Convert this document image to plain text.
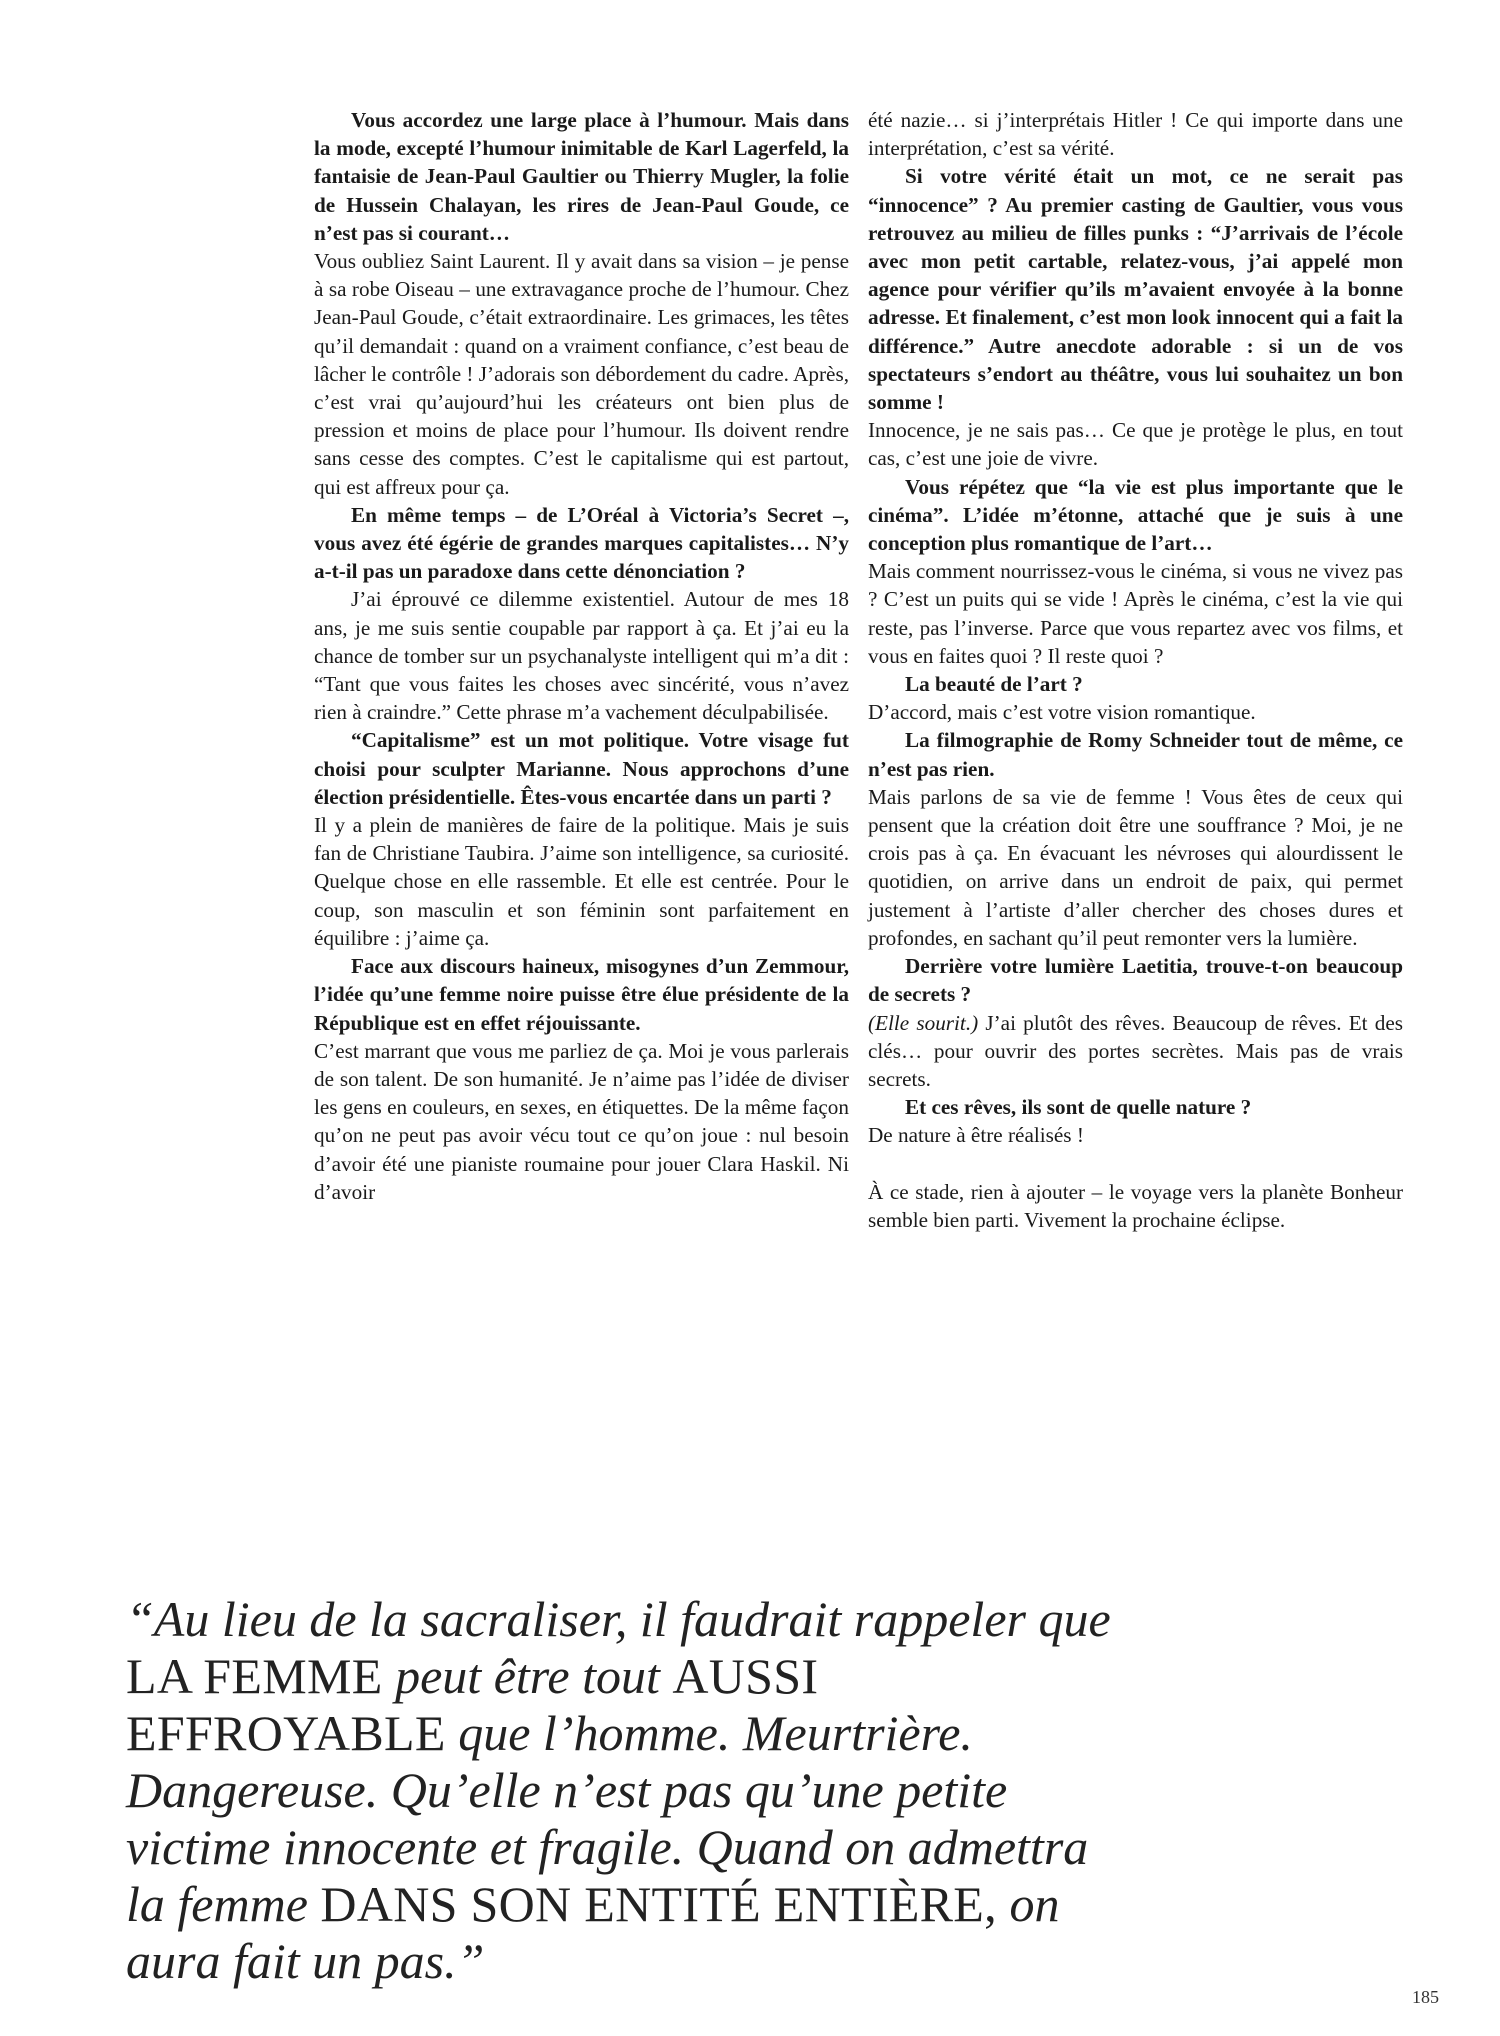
Vous accordez une large place à l’humour. Mais dans la mode, excepté l’humour inimitable de Karl Lagerfeld, la fantaisie de Jean-Paul Gaultier ou Thierry Mugler, la folie de Hussein Chalayan, les rires de Jean-Paul Goude, ce n’est pas si courant…

Vous oubliez Saint Laurent. Il y avait dans sa vision – je pense à sa robe Oiseau – une extravagance proche de l’humour. Chez Jean-Paul Goude, c’était extraordinaire. Les grimaces, les têtes qu’il demandait : quand on a vraiment confiance, c’est beau de lâcher le contrôle ! J’adorais son débordement du cadre. Après, c’est vrai qu’aujourd’hui les créateurs ont bien plus de pression et moins de place pour l’humour. Ils doivent rendre sans cesse des comptes. C’est le capitalisme qui est partout, qui est affreux pour ça.

En même temps – de L’Oréal à Victoria’s Secret –, vous avez été égérie de grandes marques capitalistes… N’y a-t-il pas un paradoxe dans cette dénonciation ?

J’ai éprouvé ce dilemme existentiel. Autour de mes 18 ans, je me suis sentie coupable par rapport à ça. Et j’ai eu la chance de tomber sur un psychanalyste intelligent qui m’a dit : “Tant que vous faites les choses avec sincérité, vous n’avez rien à craindre.” Cette phrase m’a vachement déculpabilisée.

“Capitalisme” est un mot politique. Votre visage fut choisi pour sculpter Marianne. Nous approchons d’une élection présidentielle. Êtes-vous encartée dans un parti ?

Il y a plein de manières de faire de la politique. Mais je suis fan de Christiane Taubira. J’aime son intelligence, sa curiosité. Quelque chose en elle rassemble. Et elle est centrée. Pour le coup, son masculin et son féminin sont parfaitement en équilibre : j’aime ça.

Face aux discours haineux, misogynes d’un Zemmour, l’idée qu’une femme noire puisse être élue présidente de la République est en effet réjouissante.

C’est marrant que vous me parliez de ça. Moi je vous parlerais de son talent. De son humanité. Je n’aime pas l’idée de diviser les gens en couleurs, en sexes, en étiquettes. De la même façon qu’on ne peut pas avoir vécu tout ce qu’on joue : nul besoin d’avoir été une pianiste roumaine pour jouer Clara Haskil. Ni d’avoir

été nazie… si j’interprétais Hitler ! Ce qui importe dans une interprétation, c’est sa vérité.

Si votre vérité était un mot, ce ne serait pas “innocence” ? Au premier casting de Gaultier, vous vous retrouvez au milieu de filles punks : “J’arrivais de l’école avec mon petit cartable, relatez-vous, j’ai appelé mon agence pour vérifier qu’ils m’avaient envoyée à la bonne adresse. Et finalement, c’est mon look innocent qui a fait la différence.” Autre anecdote adorable : si un de vos spectateurs s’endort au théâtre, vous lui souhaitez un bon somme !

Innocence, je ne sais pas… Ce que je protège le plus, en tout cas, c’est une joie de vivre.

Vous répétez que “la vie est plus importante que le cinéma”. L’idée m’étonne, attaché que je suis à une conception plus romantique de l’art…

Mais comment nourrissez-vous le cinéma, si vous ne vivez pas ? C’est un puits qui se vide ! Après le cinéma, c’est la vie qui reste, pas l’inverse. Parce que vous repartez avec vos films, et vous en faites quoi ? Il reste quoi ?

La beauté de l’art ?

D’accord, mais c’est votre vision romantique.

La filmographie de Romy Schneider tout de même, ce n’est pas rien.

Mais parlons de sa vie de femme ! Vous êtes de ceux qui pensent que la création doit être une souffrance ? Moi, je ne crois pas à ça. En évacuant les névroses qui alourdissent le quotidien, on arrive dans un endroit de paix, qui permet justement à l’artiste d’aller chercher des choses dures et profondes, en sachant qu’il peut remonter vers la lumière.

Derrière votre lumière Laetitia, trouve-t-on beaucoup de secrets ?

(Elle sourit.) J’ai plutôt des rêves. Beaucoup de rêves. Et des clés… pour ouvrir des portes secrètes. Mais pas de vrais secrets.

Et ces rêves, ils sont de quelle nature ?

De nature à être réalisés !

À ce stade, rien à ajouter – le voyage vers la planète Bonheur semble bien parti. Vivement la prochaine éclipse.

“Au lieu de la sacraliser, il faudrait rappeler que LA FEMME peut être tout AUSSI EFFROYABLE que l’homme. Meurtrière. Dangereuse. Qu’elle n’est pas qu’une petite victime innocente et fragile. Quand on admettra la femme DANS SON ENTITÉ ENTIÈRE, on aura fait un pas.”
185
